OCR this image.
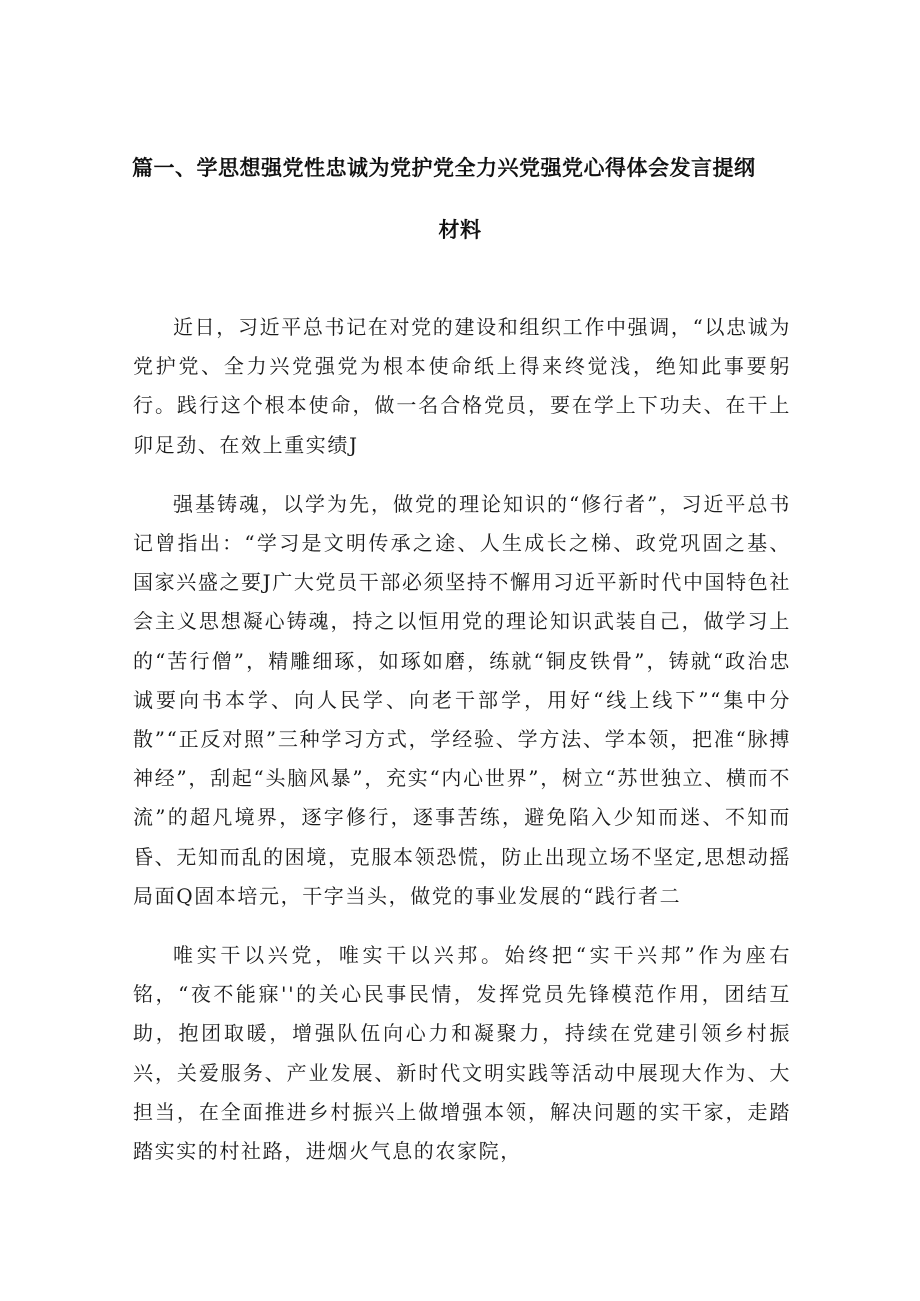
篇一、学思想强党性忠诚为党护党全力兴党强党心得体会发言提纲
材料

近日，习近平总书记在对党的建设和组织工作中强调，“以忠诚为党护党、全力兴党强党为根本使命纸上得来终觉浅，绝知此事要躬行。践行这个根本使命，做一名合格党员，要在学上下功夫、在干上卯足劲、在效上重实绩J

强基铸魂，以学为先，做党的理论知识的“修行者”，习近平总书记曾指出：“学习是文明传承之途、人生成长之梯、政党巩固之基、国家兴盛之要J广大党员干部必须坚持不懈用习近平新时代中国特色社会主义思想凝心铸魂，持之以恒用党的理论知识武装自己，做学习上的“苦行僧”，精雕细琢，如琢如磨，练就“铜皮铁骨”，铸就“政治忠诚要向书本学、向人民学、向老干部学，用好“线上线下”“集中分散”“正反对照”三种学习方式，学经验、学方法、学本领，把准“脉搏神经”，刮起“头脑风暴”，充实“内心世界”，树立“苏世独立、横而不流”的超凡境界，逐字修行，逐事苦练，避免陷入少知而迷、不知而昏、无知而乱的困境，克服本领恐慌，防止出现立场不坚定,思想动摇局面Q固本培元，干字当头，做党的事业发展的“践行者二

唯实干以兴党，唯实干以兴邦。始终把“实干兴邦”作为座右铭，“夜不能寐''的关心民事民情，发挥党员先锋模范作用，团结互助，抱团取暖，增强队伍向心力和凝聚力，持续在党建引领乡村振兴，关爱服务、产业发展、新时代文明实践等活动中展现大作为、大担当，在全面推进乡村振兴上做增强本领，解决问题的实干家，走踏踏实实的村社路，进烟火气息的农家院，
